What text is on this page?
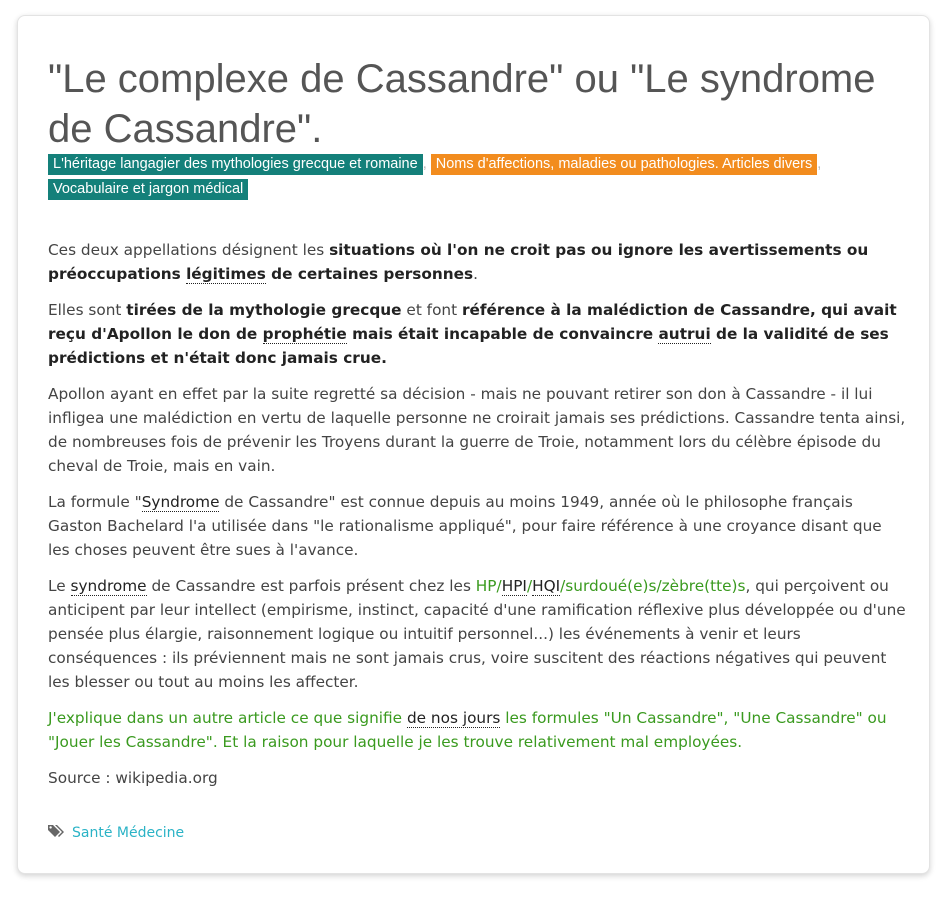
"Le complexe de Cassandre" ou "Le syndrome de Cassandre".
L'héritage langagier des mythologies grecque et romaine , Noms d'affections, maladies ou pathologies. Articles divers ,
Vocabulaire et jargon médical

Ces deux appellations désignent les situations où l'on ne croit pas ou ignore les avertissements ou préoccupations légitimes de certaines personnes.

Elles sont tirées de la mythologie grecque et font référence à la malédiction de Cassandre, qui avait reçu d'Apollon le don de prophétie mais était incapable de convaincre autrui de la validité de ses prédictions et n'était donc jamais crue.

Apollon ayant en effet par la suite regretté sa décision - mais ne pouvant retirer son don à Cassandre - il lui infligea une malédiction en vertu de laquelle personne ne croirait jamais ses prédictions. Cassandre tenta ainsi, de nombreuses fois de prévenir les Troyens durant la guerre de Troie, notamment lors du célèbre épisode du cheval de Troie, mais en vain.

La formule "Syndrome de Cassandre" est connue depuis au moins 1949, année où le philosophe français Gaston Bachelard l'a utilisée dans "le rationalisme appliqué", pour faire référence à une croyance disant que les choses peuvent être sues à l'avance.

Le syndrome de Cassandre est parfois présent chez les HP/HPI/HQI/surdoué(e)s/zèbre(tte)s, qui perçoivent ou anticipent par leur intellect (empirisme, instinct, capacité d'une ramification réflexive plus développée ou d'une pensée plus élargie, raisonnement logique ou intuitif personnel...) les événements à venir et leurs conséquences : ils préviennent mais ne sont jamais crus, voire suscitent des réactions négatives qui peuvent les blesser ou tout au moins les affecter.

J'explique dans un autre article ce que signifie de nos jours les formules "Un Cassandre", "Une Cassandre" ou "Jouer les Cassandre". Et la raison pour laquelle je les trouve relativement mal employées.

Source : wikipedia.org

Santé Médecine
